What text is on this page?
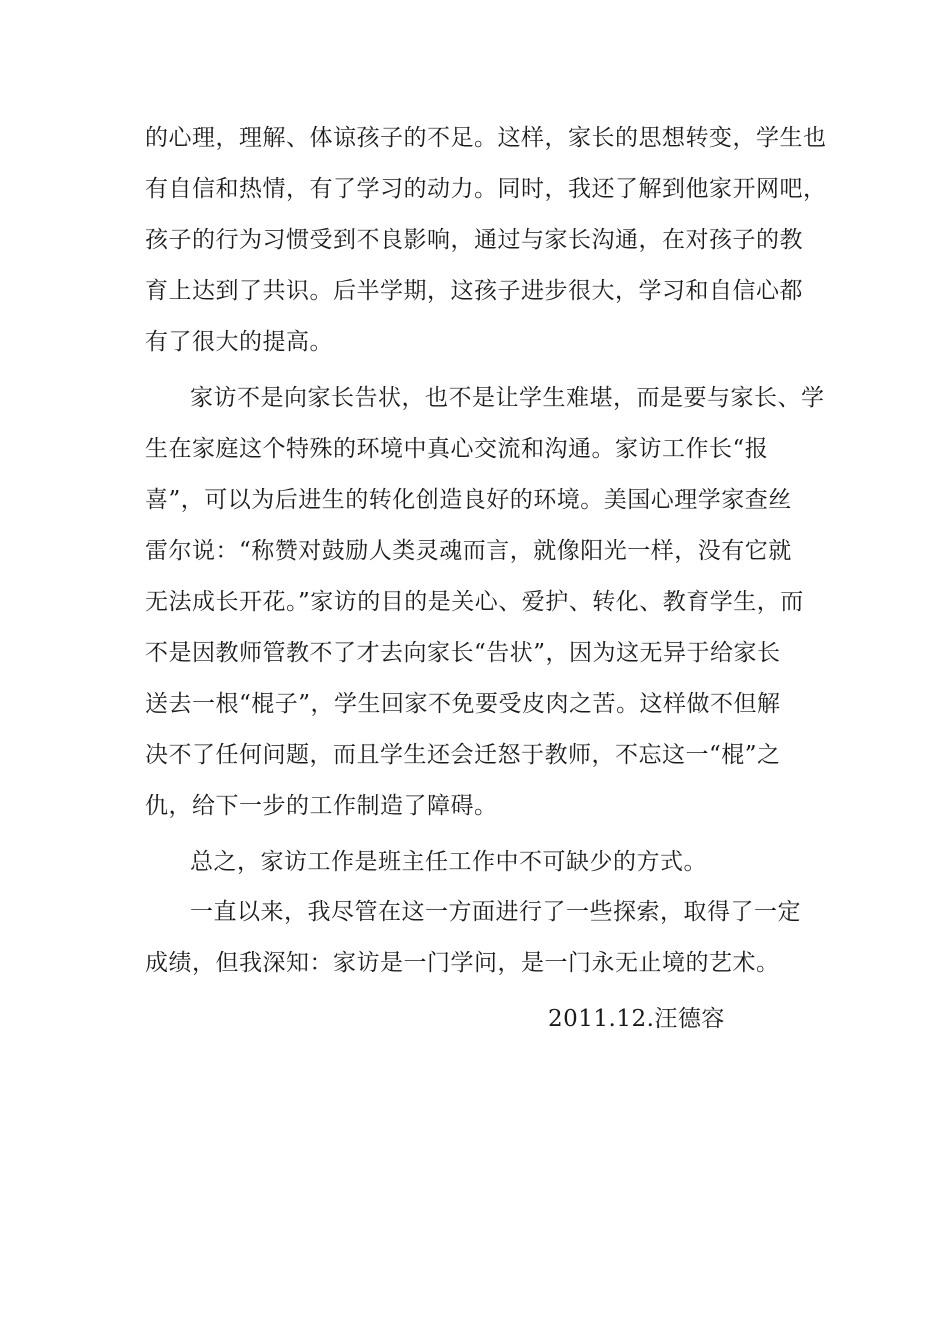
的心理，理解、体谅孩子的不足。这样，家长的思想转变，学生也
有自信和热情，有了学习的动力。同时，我还了解到他家开网吧，
孩子的行为习惯受到不良影响，通过与家长沟通，在对孩子的教
育上达到了共识。后半学期，这孩子进步很大，学习和自信心都
有了很大的提高。
家访不是向家长告状，也不是让学生难堪，而是要与家长、学
生在家庭这个特殊的环境中真心交流和沟通。家访工作长“报
喜”，可以为后进生的转化创造良好的环境。美国心理学家查丝
雷尔说：“称赞对鼓励人类灵魂而言，就像阳光一样，没有它就
无法成长开花。”家访的目的是关心、爱护、转化、教育学生，而
不是因教师管教不了才去向家长“告状”，因为这无异于给家长
送去一根“棍子”，学生回家不免要受皮肉之苦。这样做不但解
决不了任何问题，而且学生还会迁怒于教师，不忘这一“棍”之
仇，给下一步的工作制造了障碍。
总之，家访工作是班主任工作中不可缺少的方式。
一直以来，我尽管在这一方面进行了一些探索，取得了一定
成绩，但我深知：家访是一门学问，是一门永无止境的艺术。
2011.12.汪德容
